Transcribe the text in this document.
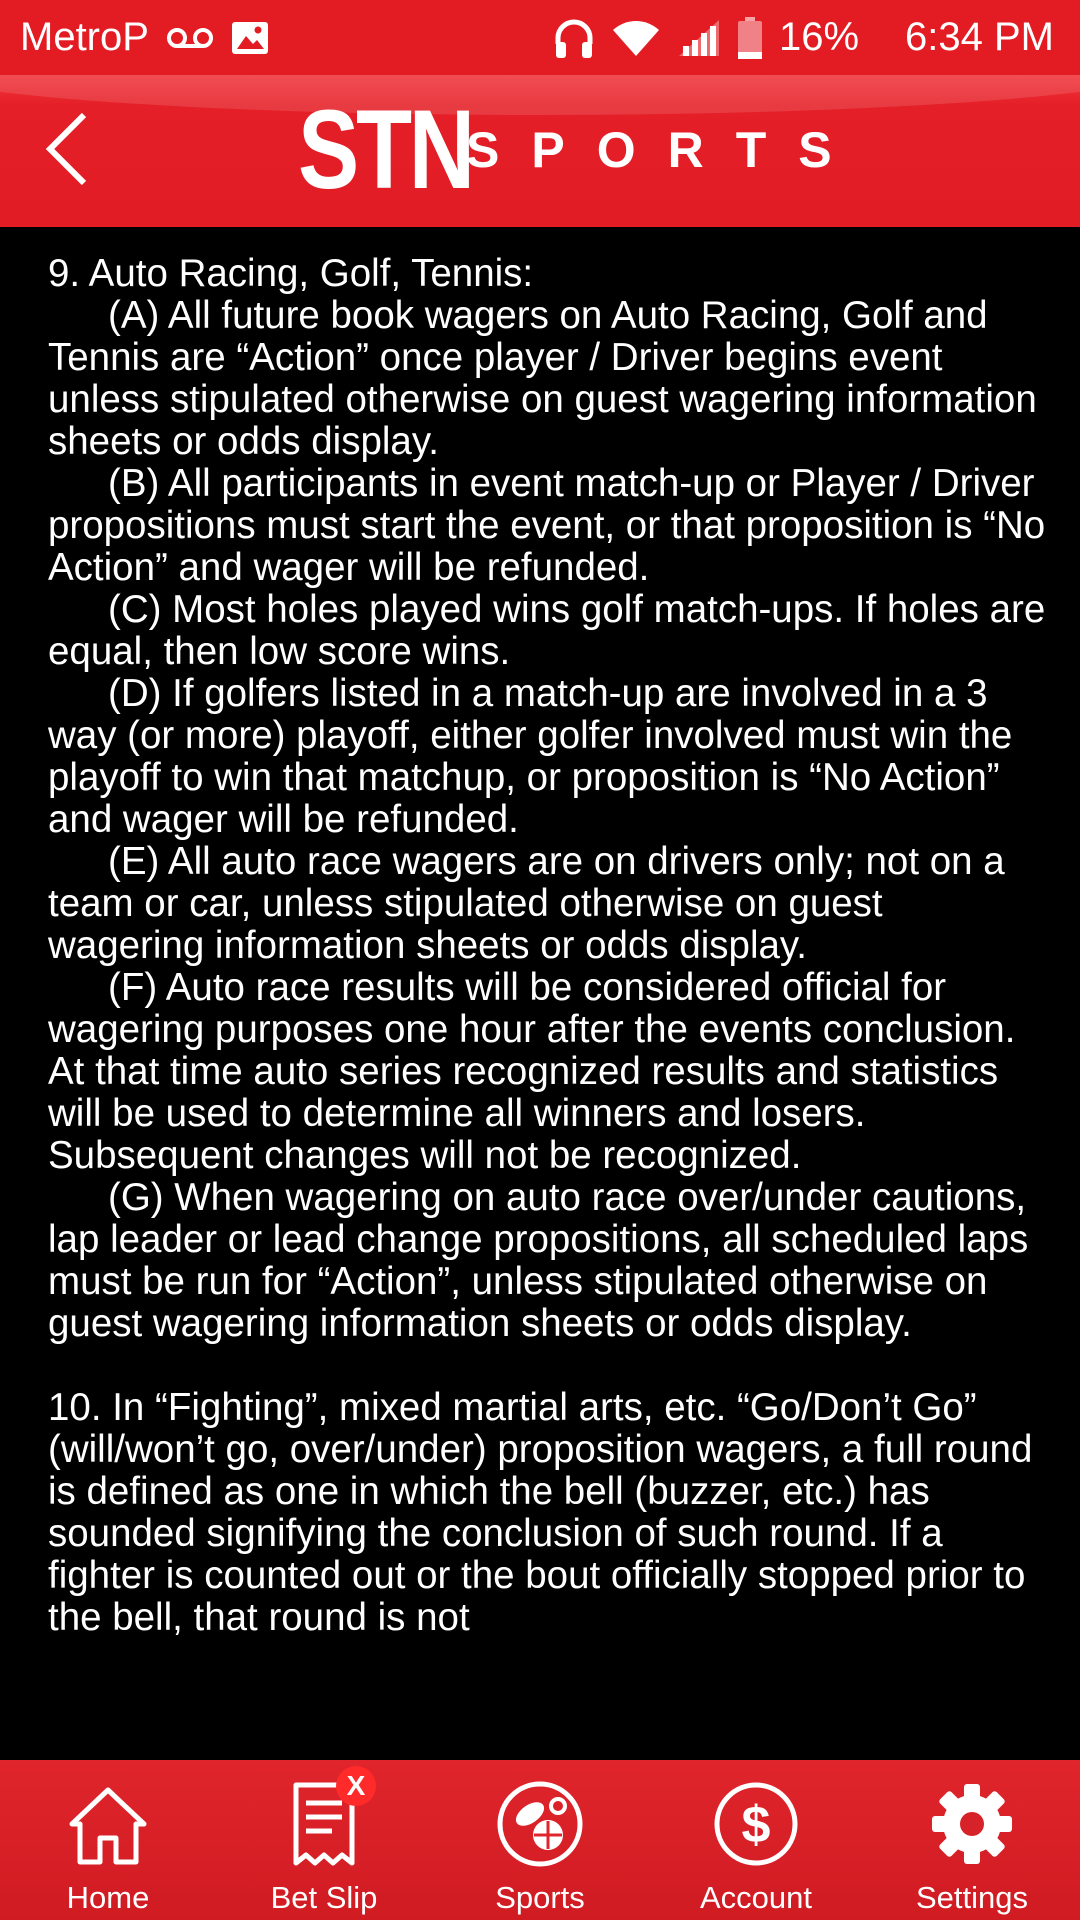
MetroP	16% 6:34 PM
STN
SPORTS

9. Auto Racing, Golf, Tennis:

(A) All future book wagers on Auto Racing, Golf and Tennis are “Action” once player / Driver begins event unless stipulated otherwise on guest wagering information sheets or odds display.

(B) All participants in event match-up or Player / Driver propositions must start the event, or that proposition is “No Action” and wager will be refunded.

(C) Most holes played wins golf match-ups. If holes are equal, then low score wins.

(D) If golfers listed in a match-up are involved in a 3 way (or more) playoff, either golfer involved must win the playoff to win that matchup, or proposition is “No Action” and wager will be refunded.

(E) All auto race wagers are on drivers only; not on a team or car, unless stipulated otherwise on guest wagering information sheets or odds display.

(F) Auto race results will be considered official for wagering purposes one hour after the events conclusion. At that time auto series recognized results and statistics will be used to determine all winners and losers. Subsequent changes will not be recognized.

(G) When wagering on auto race over/under cautions, lap leader or lead change propositions, all scheduled laps must be run for “Action”, unless stipulated otherwise on guest wagering information sheets or odds display.

10. In “Fighting”, mixed martial arts, etc. “Go/Don’t Go” (will/won’t go, over/under) proposition wagers, a full round is defined as one in which the bell (buzzer, etc.) has sounded signifying the conclusion of such round. If a fighter is counted out or the bout officially stopped prior to the bell, that round is not

Home
X
Bet Slip	Sports
$
Account	Settings
